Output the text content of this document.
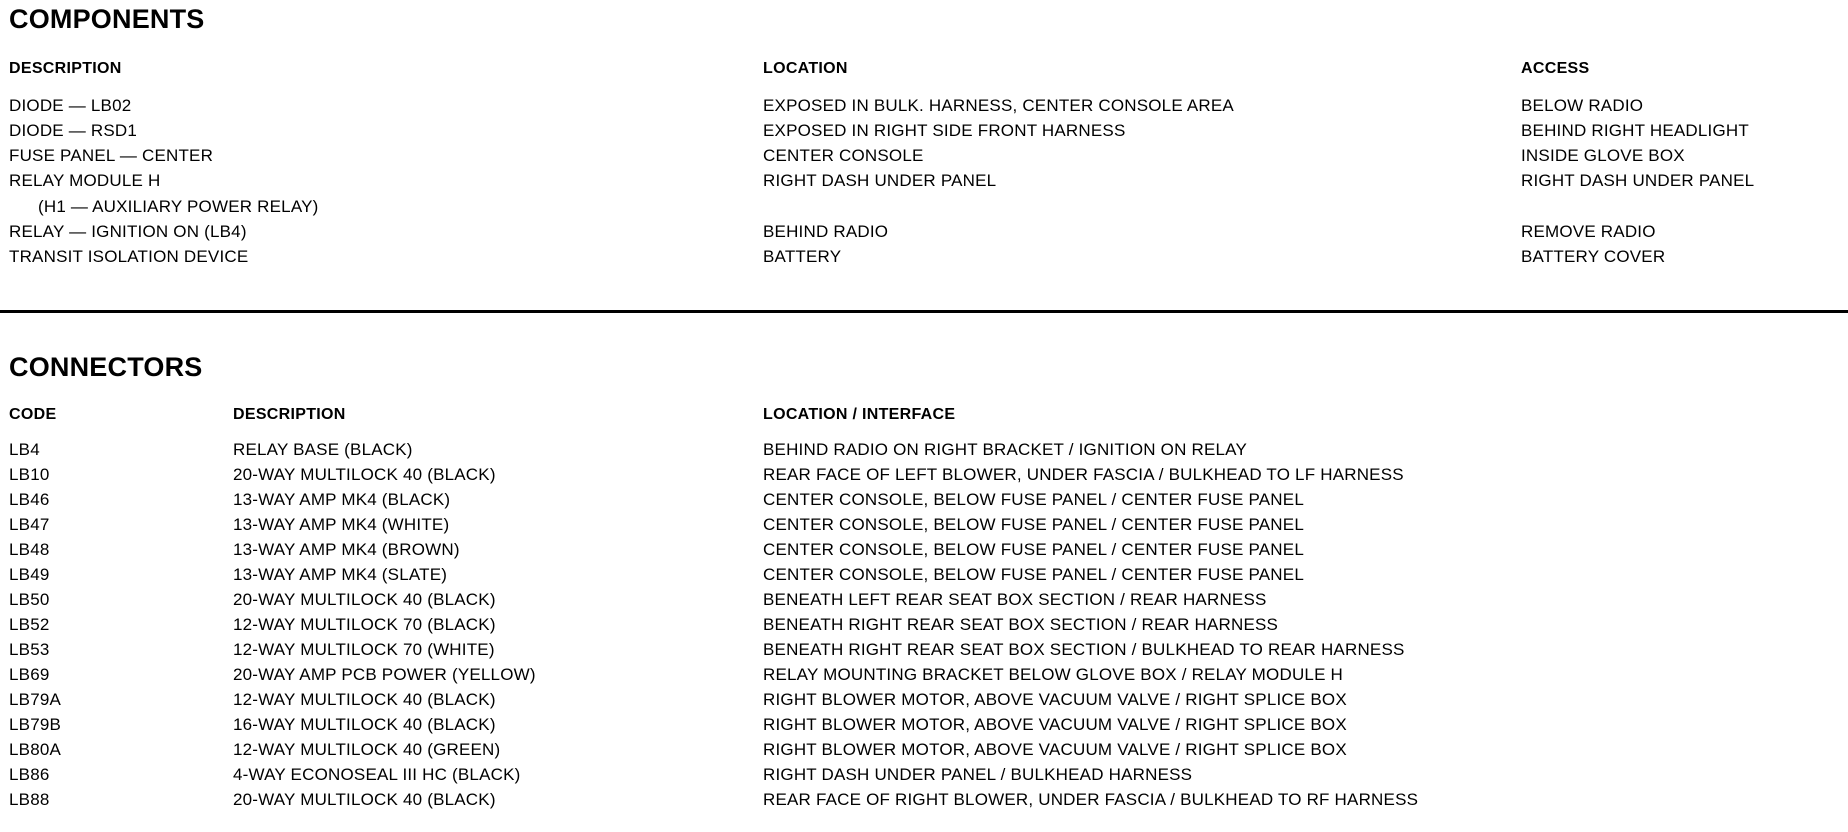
COMPONENTS
DESCRIPTION	LOCATION	ACCESS
DIODE — LB02	EXPOSED IN BULK. HARNESS, CENTER CONSOLE AREA	BELOW RADIO
DIODE — RSD1	EXPOSED IN RIGHT SIDE FRONT HARNESS	BEHIND RIGHT HEADLIGHT
FUSE PANEL — CENTER	CENTER CONSOLE	INSIDE GLOVE BOX
RELAY MODULE H	RIGHT DASH UNDER PANEL	RIGHT DASH UNDER PANEL
(H1 — AUXILIARY POWER RELAY)
RELAY — IGNITION ON (LB4)	BEHIND RADIO	REMOVE RADIO
TRANSIT ISOLATION DEVICE	BATTERY	BATTERY COVER
CONNECTORS
CODE	DESCRIPTION	LOCATION / INTERFACE
LB4	RELAY BASE (BLACK)	BEHIND RADIO ON RIGHT BRACKET / IGNITION ON RELAY
LB10	20-WAY MULTILOCK 40 (BLACK)	REAR FACE OF LEFT BLOWER, UNDER FASCIA / BULKHEAD TO LF HARNESS
LB46	13-WAY AMP MK4 (BLACK)	CENTER CONSOLE, BELOW FUSE PANEL / CENTER FUSE PANEL
LB47	13-WAY AMP MK4 (WHITE)	CENTER CONSOLE, BELOW FUSE PANEL / CENTER FUSE PANEL
LB48	13-WAY AMP MK4 (BROWN)	CENTER CONSOLE, BELOW FUSE PANEL / CENTER FUSE PANEL
LB49	13-WAY AMP MK4 (SLATE)	CENTER CONSOLE, BELOW FUSE PANEL / CENTER FUSE PANEL
LB50	20-WAY MULTILOCK 40 (BLACK)	BENEATH LEFT REAR SEAT BOX SECTION / REAR HARNESS
LB52	12-WAY MULTILOCK 70 (BLACK)	BENEATH RIGHT REAR SEAT BOX SECTION / REAR HARNESS
LB53	12-WAY MULTILOCK 70 (WHITE)	BENEATH RIGHT REAR SEAT BOX SECTION / BULKHEAD TO REAR HARNESS
LB69	20-WAY AMP PCB POWER (YELLOW)	RELAY MOUNTING BRACKET BELOW GLOVE BOX / RELAY MODULE H
LB79A	12-WAY MULTILOCK 40 (BLACK)	RIGHT BLOWER MOTOR, ABOVE VACUUM VALVE / RIGHT SPLICE BOX
LB79B	16-WAY MULTILOCK 40 (BLACK)	RIGHT BLOWER MOTOR, ABOVE VACUUM VALVE / RIGHT SPLICE BOX
LB80A	12-WAY MULTILOCK 40 (GREEN)	RIGHT BLOWER MOTOR, ABOVE VACUUM VALVE / RIGHT SPLICE BOX
LB86	4-WAY ECONOSEAL III HC (BLACK)	RIGHT DASH UNDER PANEL / BULKHEAD HARNESS
LB88	20-WAY MULTILOCK 40 (BLACK)	REAR FACE OF RIGHT BLOWER, UNDER FASCIA / BULKHEAD TO RF HARNESS
